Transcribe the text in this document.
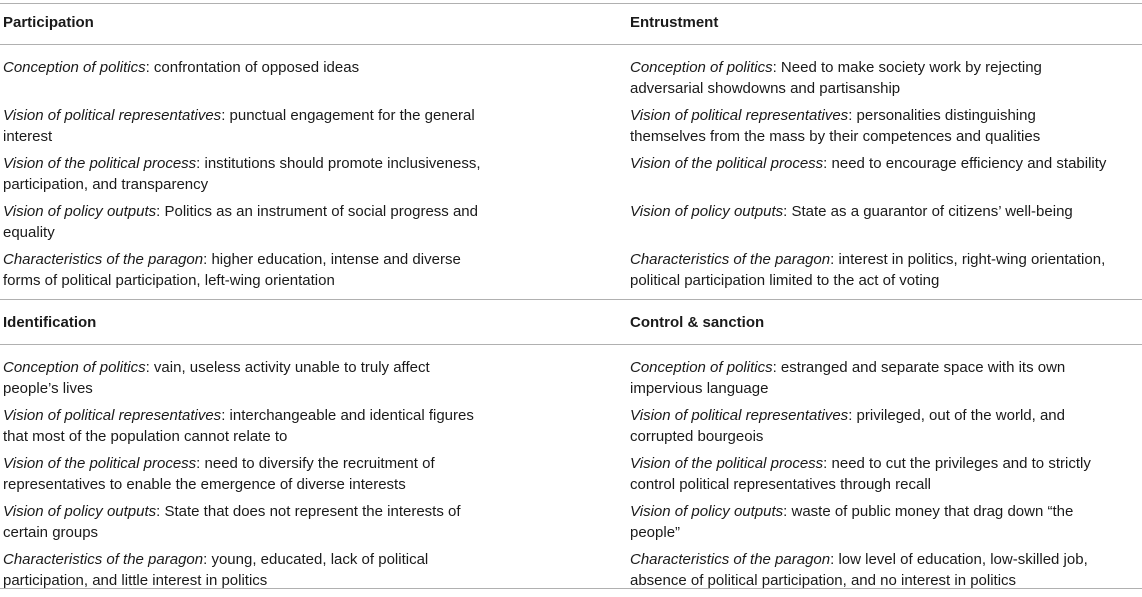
Participation	Entrustment

Conception of politics: confrontation of opposed ideas

Vision of political representatives: punctual engagement for the general interest

Vision of the political process: institutions should promote inclusiveness, participation, and transparency

Vision of policy outputs: Politics as an instrument of social progress and equality

Characteristics of the paragon: higher education, intense and diverse forms of political participation, left-wing orientation

Conception of politics: Need to make society work by rejecting adversarial showdowns and partisanship

Vision of political representatives: personalities distinguishing themselves from the mass by their competences and qualities

Vision of the political process: need to encourage efficiency and stability

Vision of policy outputs: State as a guarantor of citizens’ well-being

Characteristics of the paragon: interest in politics, right-wing orientation, political participation limited to the act of voting

Identification	Control & sanction

Conception of politics: vain, useless activity unable to truly affect people’s lives

Vision of political representatives: interchangeable and identical figures that most of the population cannot relate to

Vision of the political process: need to diversify the recruitment of representatives to enable the emergence of diverse interests

Vision of policy outputs: State that does not represent the interests of certain groups

Characteristics of the paragon: young, educated, lack of political participation, and little interest in politics

Conception of politics: estranged and separate space with its own impervious language

Vision of political representatives: privileged, out of the world, and corrupted bourgeois

Vision of the political process: need to cut the privileges and to strictly control political representatives through recall

Vision of policy outputs: waste of public money that drag down “the people”

Characteristics of the paragon: low level of education, low-skilled job, absence of political participation, and no interest in politics
